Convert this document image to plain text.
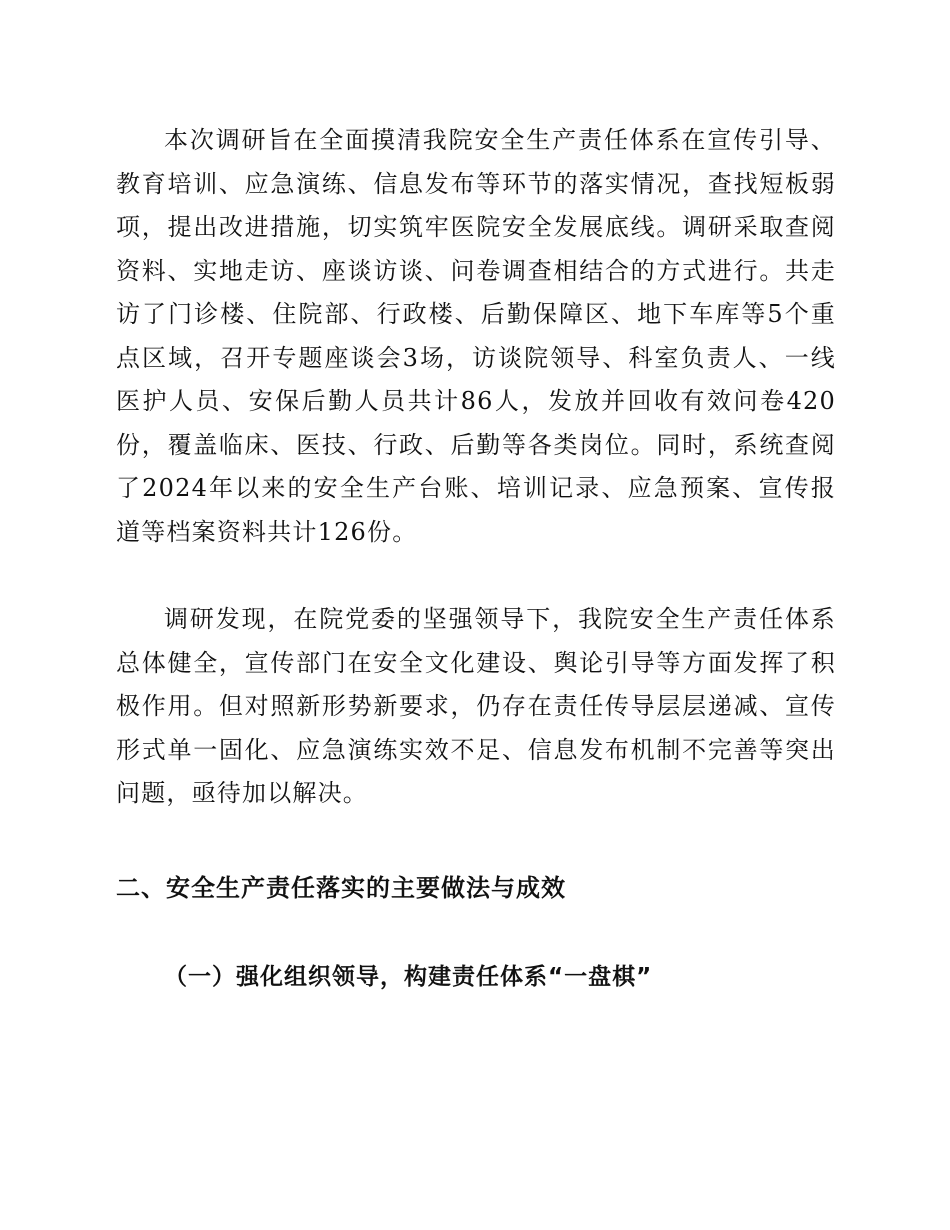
本次调研旨在全面摸清我院安全生产责任体系在宣传引导、教育培训、应急演练、信息发布等环节的落实情况，查找短板弱项，提出改进措施，切实筑牢医院安全发展底线。调研采取查阅资料、实地走访、座谈访谈、问卷调查相结合的方式进行。共走访了门诊楼、住院部、行政楼、后勤保障区、地下车库等5个重点区域，召开专题座谈会3场，访谈院领导、科室负责人、一线医护人员、安保后勤人员共计86人，发放并回收有效问卷420份，覆盖临床、医技、行政、后勤等各类岗位。同时，系统查阅了2024年以来的安全生产台账、培训记录、应急预案、宣传报道等档案资料共计126份。

调研发现，在院党委的坚强领导下，我院安全生产责任体系总体健全，宣传部门在安全文化建设、舆论引导等方面发挥了积极作用。但对照新形势新要求，仍存在责任传导层层递减、宣传形式单一固化、应急演练实效不足、信息发布机制不完善等突出问题，亟待加以解决。

二、安全生产责任落实的主要做法与成效
（一）强化组织领导，构建责任体系“一盘棋”
